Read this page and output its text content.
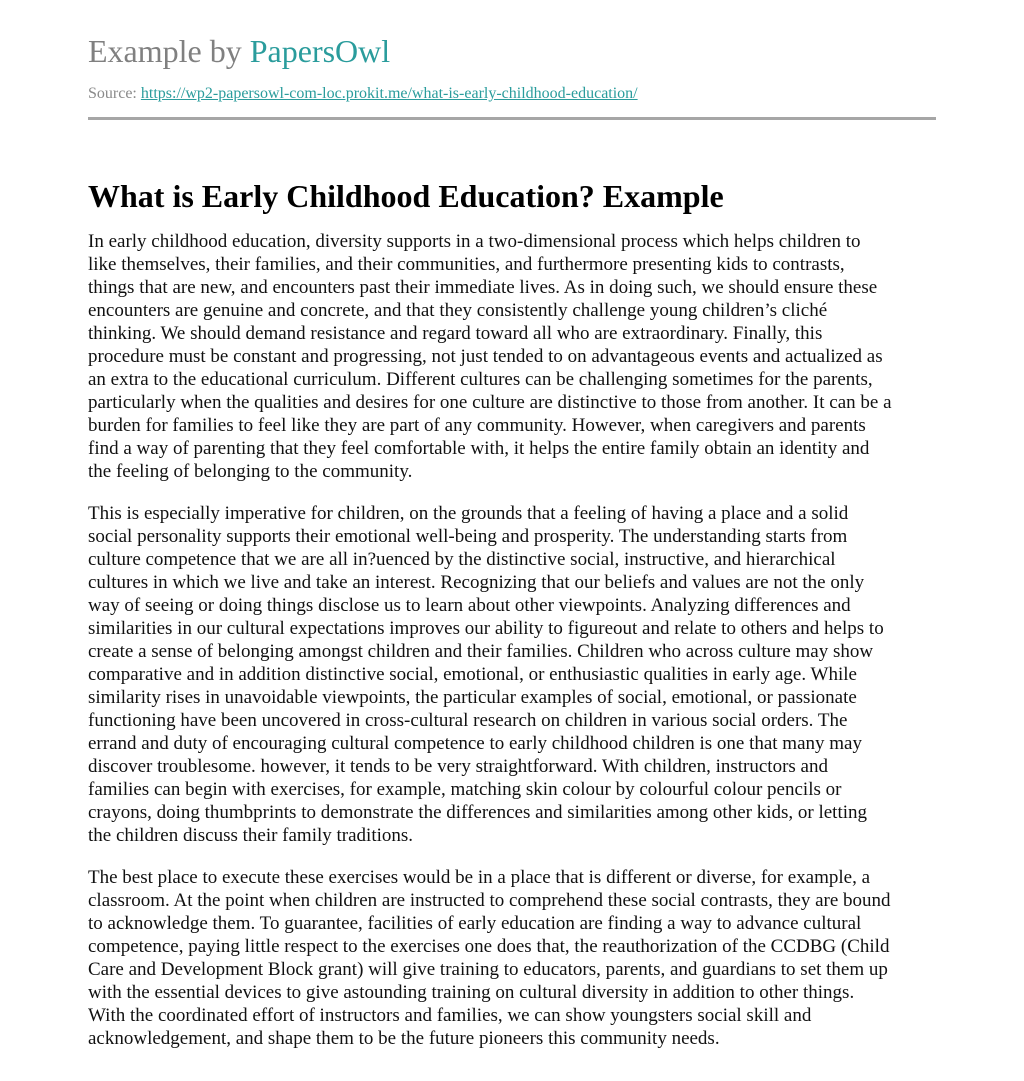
Example by PapersOwl
Source: https://wp2-papersowl-com-loc.prokit.me/what-is-early-childhood-education/
What is Early Childhood Education? Example

In early childhood education, diversity supports in a two-dimensional process which helps children to
like themselves, their families, and their communities, and furthermore presenting kids to contrasts,
things that are new, and encounters past their immediate lives. As in doing such, we should ensure these
encounters are genuine and concrete, and that they consistently challenge young children’s cliché
thinking. We should demand resistance and regard toward all who are extraordinary. Finally, this
procedure must be constant and progressing, not just tended to on advantageous events and actualized as
an extra to the educational curriculum. Different cultures can be challenging sometimes for the parents,
particularly when the qualities and desires for one culture are distinctive to those from another. It can be a
burden for families to feel like they are part of any community. However, when caregivers and parents
find a way of parenting that they feel comfortable with, it helps the entire family obtain an identity and
the feeling of belonging to the community.

This is especially imperative for children, on the grounds that a feeling of having a place and a solid
social personality supports their emotional well-being and prosperity. The understanding starts from
culture competence that we are all in?uenced by the distinctive social, instructive, and hierarchical
cultures in which we live and take an interest. Recognizing that our beliefs and values are not the only
way of seeing or doing things disclose us to learn about other viewpoints. Analyzing differences and
similarities in our cultural expectations improves our ability to figureout and relate to others and helps to
create a sense of belonging amongst children and their families. Children who across culture may show
comparative and in addition distinctive social, emotional, or enthusiastic qualities in early age. While
similarity rises in unavoidable viewpoints, the particular examples of social, emotional, or passionate
functioning have been uncovered in cross-cultural research on children in various social orders. The
errand and duty of encouraging cultural competence to early childhood children is one that many may
discover troublesome. however, it tends to be very straightforward. With children, instructors and
families can begin with exercises, for example, matching skin colour by colourful colour pencils or
crayons, doing thumbprints to demonstrate the differences and similarities among other kids, or letting
the children discuss their family traditions.

The best place to execute these exercises would be in a place that is different or diverse, for example, a
classroom. At the point when children are instructed to comprehend these social contrasts, they are bound
to acknowledge them. To guarantee, facilities of early education are finding a way to advance cultural
competence, paying little respect to the exercises one does that, the reauthorization of the CCDBG (Child
Care and Development Block grant) will give training to educators, parents, and guardians to set them up
with the essential devices to give astounding training on cultural diversity in addition to other things.
With the coordinated effort of instructors and families, we can show youngsters social skill and
acknowledgement, and shape them to be the future pioneers this community needs.
